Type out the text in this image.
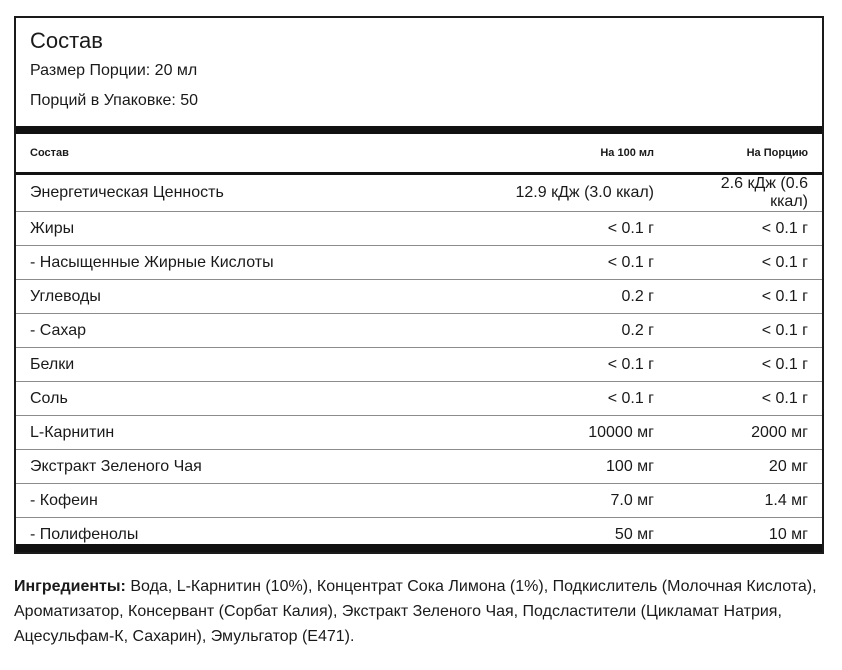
Состав
Размер Порции: 20 мл
Порций в Упаковке: 50
Состав	На 100 мл	На Порцию
Энергетическая Ценность	12.9 кДж (3.0 ккал)	2.6 кДж (0.6 ккал)
Жиры	< 0.1 г	< 0.1 г
- Насыщенные Жирные Кислоты	< 0.1 г	< 0.1 г
Углеводы	0.2 г	< 0.1 г
- Сахар	0.2 г	< 0.1 г
Белки	< 0.1 г	< 0.1 г
Соль	< 0.1 г	< 0.1 г
L-Карнитин	10000 мг	2000 мг
Экстракт Зеленого Чая	100 мг	20 мг
- Кофеин	7.0 мг	1.4 мг
- Полифенолы	50 мг	10 мг

Ингредиенты: Вода, L-Карнитин (10%), Концентрат Сока Лимона (1%), Подкислитель (Молочная Кислота), Ароматизатор, Консервант (Сорбат Калия), Экстракт Зеленого Чая, Подсластители (Цикламат Натрия, Ацесульфам-К, Сахарин), Эмульгатор (Е471).
